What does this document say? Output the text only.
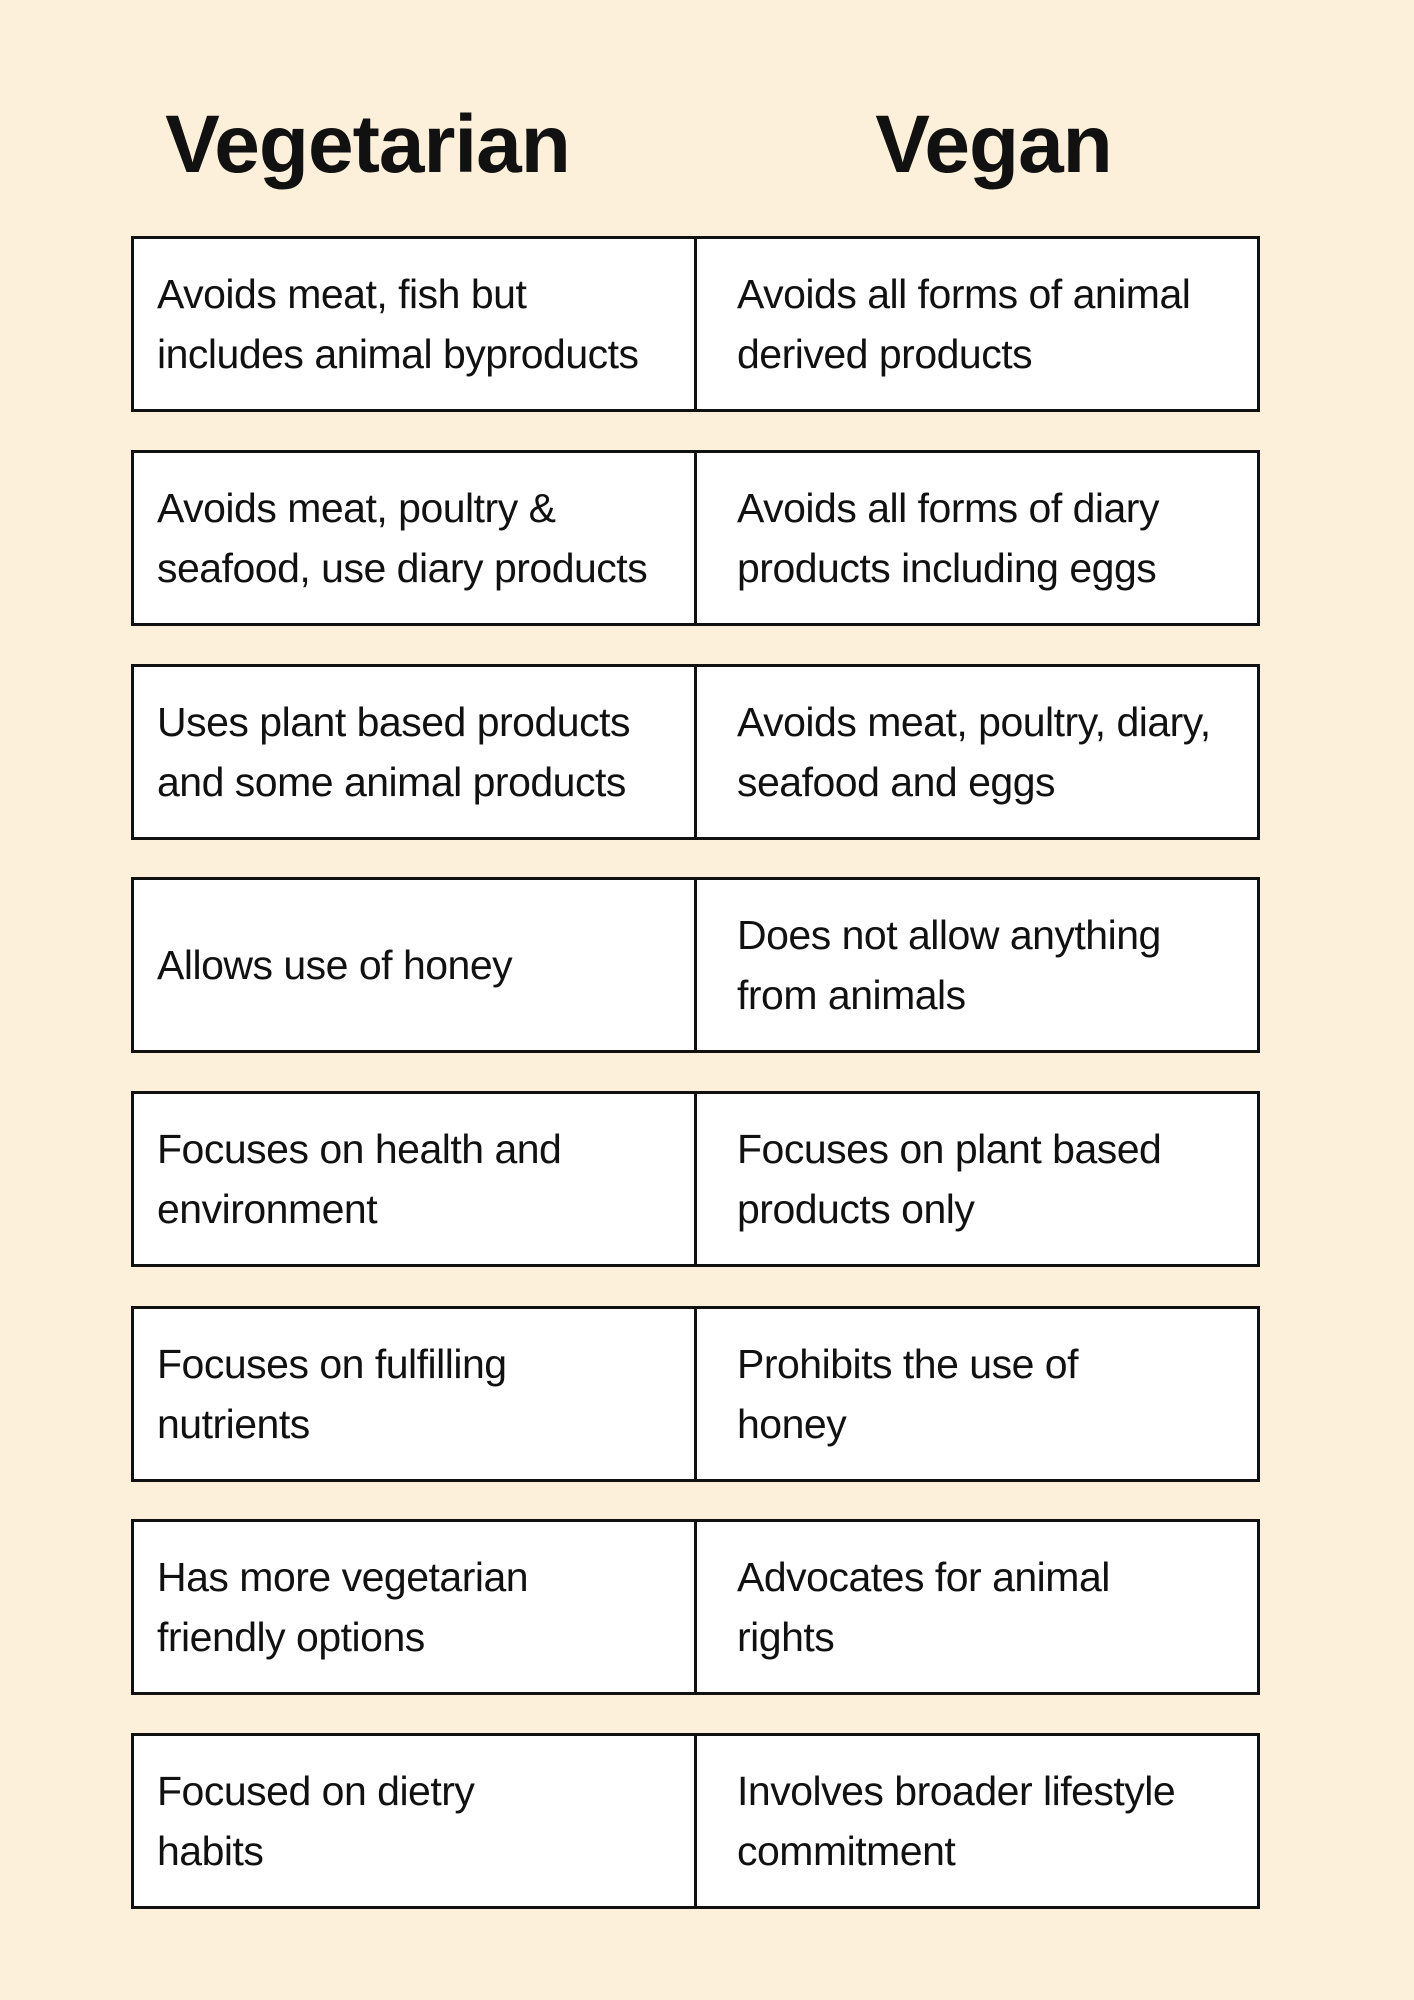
Vegetarian	Vegan
Avoids meat, fish but
includes animal byproducts
Avoids all forms of animal
derived products
Avoids meat, poultry &
seafood, use diary products
Avoids all forms of diary
products including eggs
Uses plant based products
and some animal products
Avoids meat, poultry, diary,
seafood and eggs
Allows use of honey
Does not allow anything
from animals
Focuses on health and
environment
Focuses on plant based
products only
Focuses on fulfilling
nutrients
Prohibits the use of
honey
Has more vegetarian
friendly options
Advocates for animal
rights
Focused on dietry
habits
Involves broader lifestyle
commitment
